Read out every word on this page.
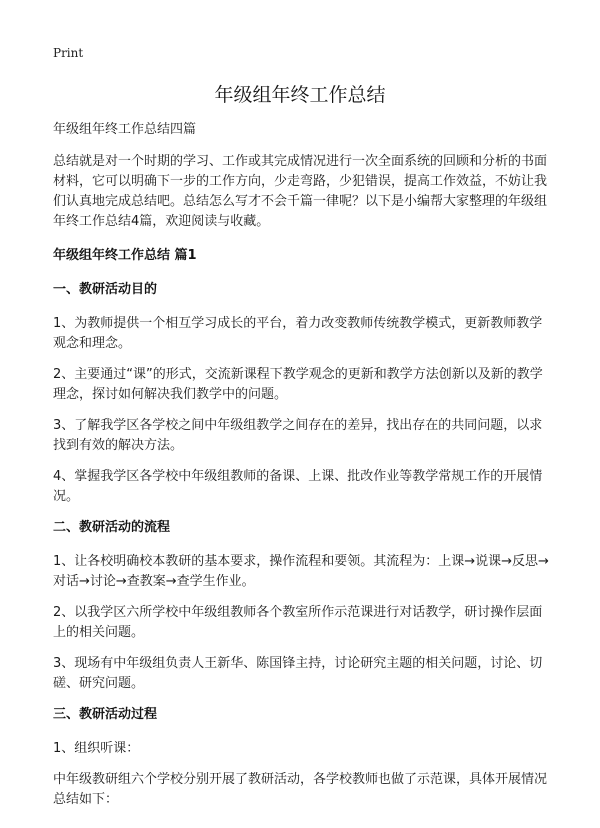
Print
年级组年终工作总结

年级组年终工作总结四篇

总结就是对一个时期的学习、工作或其完成情况进行一次全面系统的回顾和分析的书面材料，它可以明确下一步的工作方向，少走弯路，少犯错误，提高工作效益，不妨让我们认真地完成总结吧。总结怎么写才不会千篇一律呢？以下是小编帮大家整理的年级组年终工作总结4篇，欢迎阅读与收藏。

年级组年终工作总结 篇1

一、教研活动目的

1、为教师提供一个相互学习成长的平台，着力改变教师传统教学模式，更新教师教学观念和理念。

2、主要通过“课”的形式，交流新课程下教学观念的更新和教学方法创新以及新的教学理念，探讨如何解决我们教学中的问题。

3、了解我学区各学校之间中年级组教学之间存在的差异，找出存在的共同问题，以求找到有效的解决方法。

4、掌握我学区各学校中年级组教师的备课、上课、批改作业等教学常规工作的开展情况。

二、教研活动的流程

1、让各校明确校本教研的基本要求，操作流程和要领。其流程为：上课→说课→反思→对话→讨论→查教案→查学生作业。

2、以我学区六所学校中年级组教师各个教室所作示范课进行对话教学，研讨操作层面上的相关问题。

3、现场有中年级组负责人王新华、陈国锋主持，讨论研究主题的相关问题，讨论、切磋、研究问题。

三、教研活动过程

1、组织听课：

中年级教研组六个学校分别开展了教研活动，各学校教师也做了示范课，具体开展情况总结如下：
